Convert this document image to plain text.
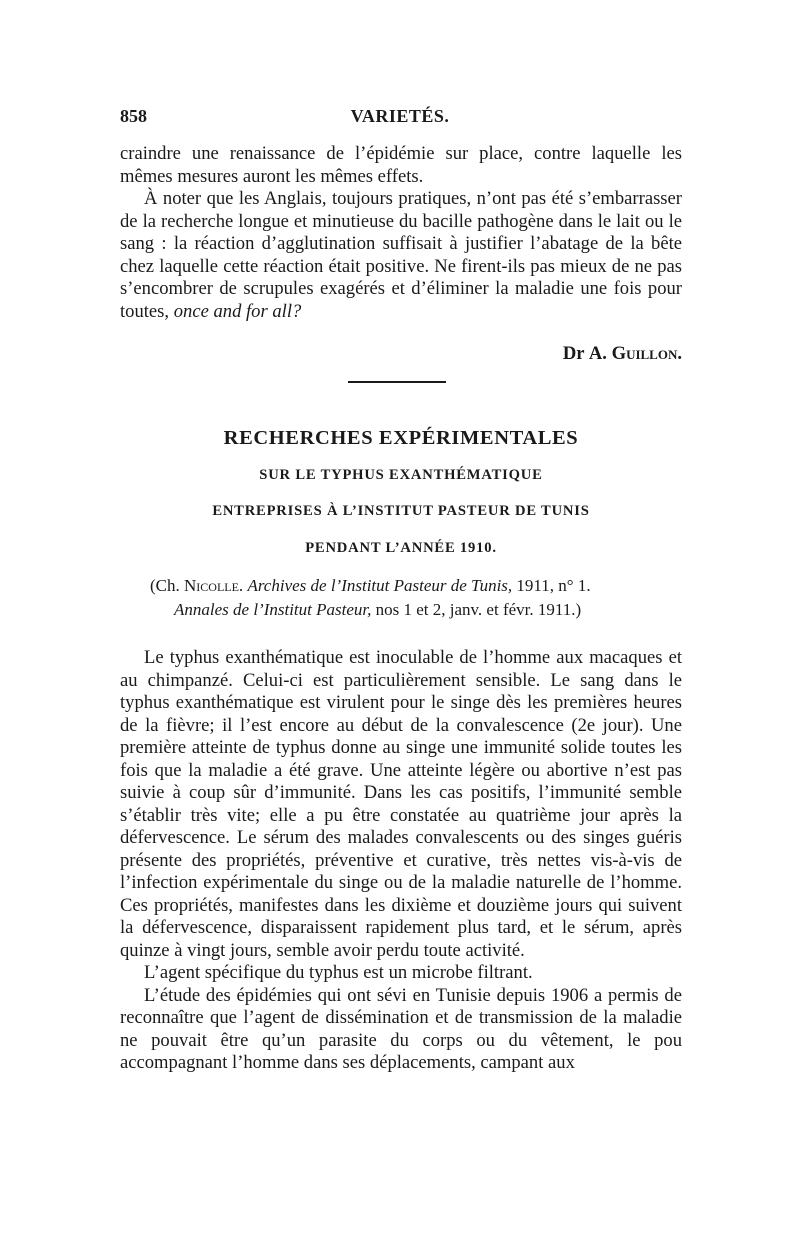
858	VARIETÉS.

craindre une renaissance de l’épidémie sur place, contre laquelle les mêmes mesures auront les mêmes effets.

À noter que les Anglais, toujours pratiques, n’ont pas été s’embarrasser de la recherche longue et minutieuse du bacille pathogène dans le lait ou le sang : la réaction d’agglutination suffisait à justifier l’abatage de la bête chez laquelle cette réaction était positive. Ne firent-ils pas mieux de ne pas s’encombrer de scrupules exagérés et d’éliminer la maladie une fois pour toutes, once and for all?

Dr A. Guillon.
RECHERCHES EXPÉRIMENTALES
SUR LE TYPHUS EXANTHÉMATIQUE
ENTREPRISES À L’INSTITUT PASTEUR DE TUNIS
PENDANT L’ANNÉE 1910.
(Ch. Nicolle. Archives de l’Institut Pasteur de Tunis, 1911, n° 1.
Annales de l’Institut Pasteur, nos 1 et 2, janv. et févr. 1911.)

Le typhus exanthématique est inoculable de l’homme aux macaques et au chimpanzé. Celui-ci est particulièrement sensible. Le sang dans le typhus exanthématique est virulent pour le singe dès les premières heures de la fièvre; il l’est encore au début de la convalescence (2e jour). Une première atteinte de typhus donne au singe une immunité solide toutes les fois que la maladie a été grave. Une atteinte légère ou abortive n’est pas suivie à coup sûr d’immunité. Dans les cas positifs, l’immunité semble s’établir très vite; elle a pu être constatée au quatrième jour après la défervescence. Le sérum des malades convalescents ou des singes guéris présente des propriétés, préventive et curative, très nettes vis-à-vis de l’infection expérimentale du singe ou de la maladie naturelle de l’homme. Ces propriétés, manifestes dans les dixième et douzième jours qui suivent la défervescence, disparaissent rapidement plus tard, et le sérum, après quinze à vingt jours, semble avoir perdu toute activité.

L’agent spécifique du typhus est un microbe filtrant.

L’étude des épidémies qui ont sévi en Tunisie depuis 1906 a permis de reconnaître que l’agent de dissémination et de transmission de la maladie ne pouvait être qu’un parasite du corps ou du vêtement, le pou accompagnant l’homme dans ses déplacements, campant aux
